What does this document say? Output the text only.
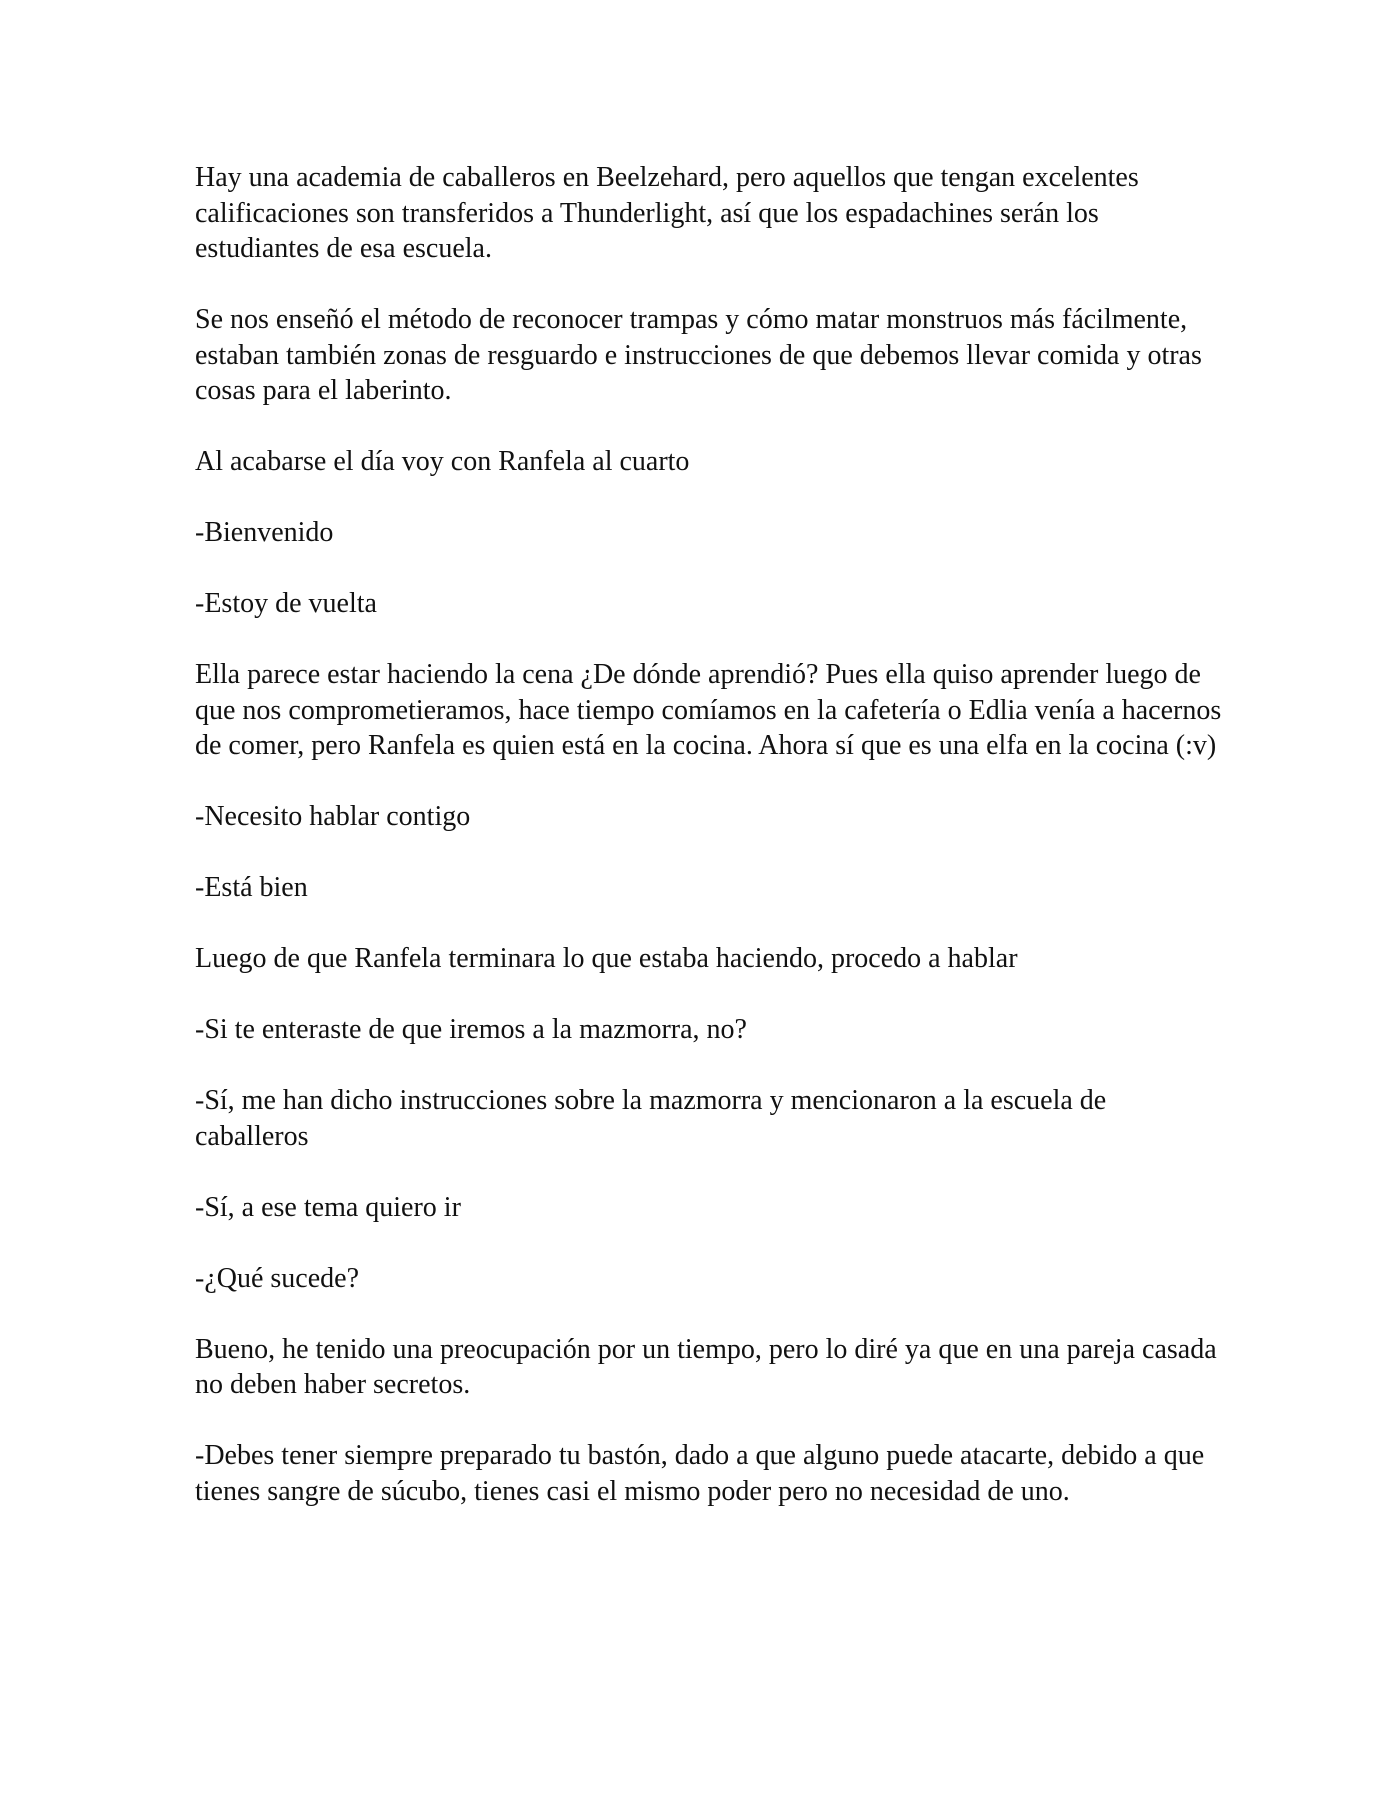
Hay una academia de caballeros en Beelzehard, pero aquellos que tengan excelentes calificaciones son transferidos a Thunderlight, así que los espadachines serán los estudiantes de esa escuela.

Se nos enseñó el método de reconocer trampas y cómo matar monstruos más fácilmente, estaban también zonas de resguardo e instrucciones de que debemos llevar comida y otras cosas para el laberinto.

Al acabarse el día voy con Ranfela al cuarto

-Bienvenido

-Estoy de vuelta

Ella parece estar haciendo la cena ¿De dónde aprendió? Pues ella quiso aprender luego de que nos comprometieramos, hace tiempo comíamos en la cafetería o Edlia venía a hacernos de comer, pero Ranfela es quien está en la cocina. Ahora sí que es una elfa en la cocina (:v)

-Necesito hablar contigo

-Está bien

Luego de que Ranfela terminara lo que estaba haciendo, procedo a hablar

-Si te enteraste de que iremos a la mazmorra, no?

-Sí, me han dicho instrucciones sobre la mazmorra y mencionaron a la escuela de caballeros

-Sí, a ese tema quiero ir

-¿Qué sucede?

Bueno, he tenido una preocupación por un tiempo, pero lo diré ya que en una pareja casada no deben haber secretos.

-Debes tener siempre preparado tu bastón, dado a que alguno puede atacarte, debido a que tienes sangre de súcubo, tienes casi el mismo poder pero no necesidad de uno.
